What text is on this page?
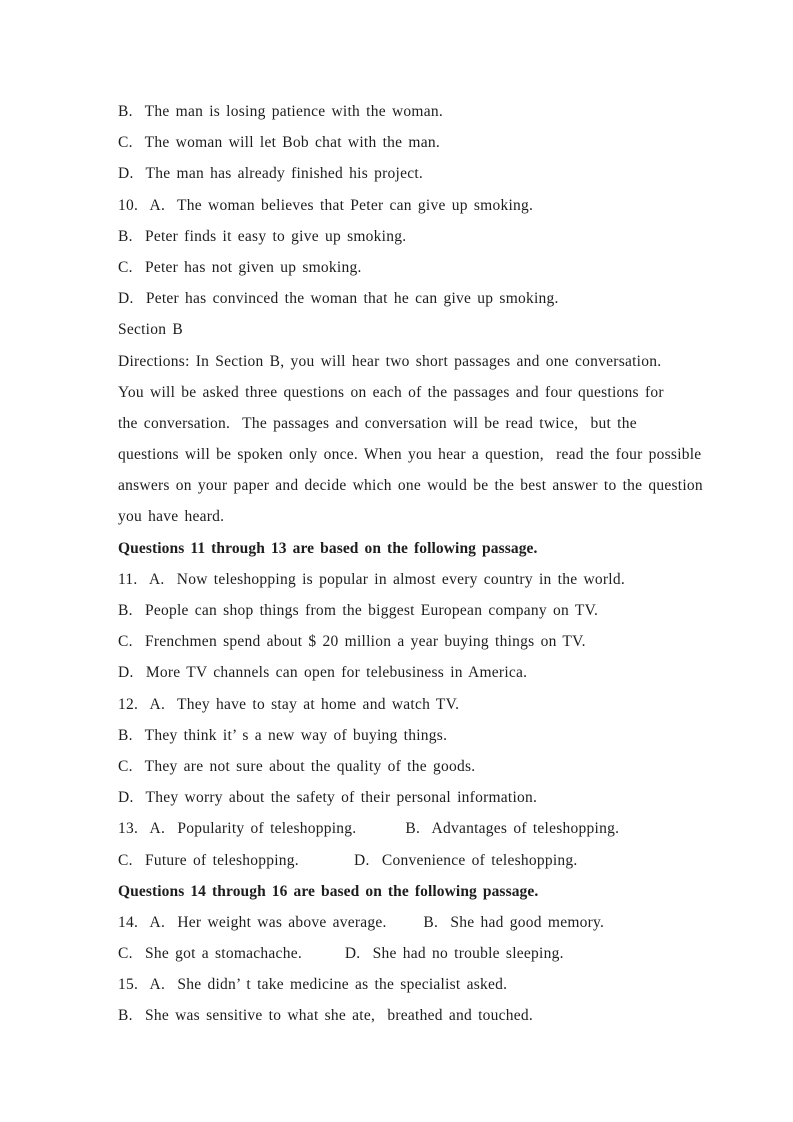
B.  The man is losing patience with the woman.
C.  The woman will let Bob chat with the man.
D.  The man has already finished his project.
10.  A.  The woman believes that Peter can give up smoking.
B.  Peter finds it easy to give up smoking.
C.  Peter has not given up smoking.
D.  Peter has convinced the woman that he can give up smoking.
Section B
Directions: In Section B, you will hear two short passages and one conversation.
You will be asked three questions on each of the passages and four questions for
the conversation.  The passages and conversation will be read twice,  but the
questions will be spoken only once. When you hear a question,  read the four possible
answers on your paper and decide which one would be the best answer to the question
you have heard.
Questions 11 through 13 are based on the following passage.
11.  A.  Now teleshopping is popular in almost every country in the world.
B.  People can shop things from the biggest European company on TV.
C.  Frenchmen spend about $ 20 million a year buying things on TV.
D.  More TV channels can open for telebusiness in America.
12.  A.  They have to stay at home and watch TV.
B.  They think it’ s a new way of buying things.
C.  They are not sure about the quality of the goods.
D.  They worry about the safety of their personal information.
13.  A.  Popularity of teleshopping.        B.  Advantages of teleshopping.
C.  Future of teleshopping.         D.  Convenience of teleshopping.
Questions 14 through 16 are based on the following passage.
14.  A.  Her weight was above average.      B.  She had good memory.
C.  She got a stomachache.       D.  She had no trouble sleeping.
15.  A.  She didn’ t take medicine as the specialist asked.
B.  She was sensitive to what she ate,  breathed and touched.
